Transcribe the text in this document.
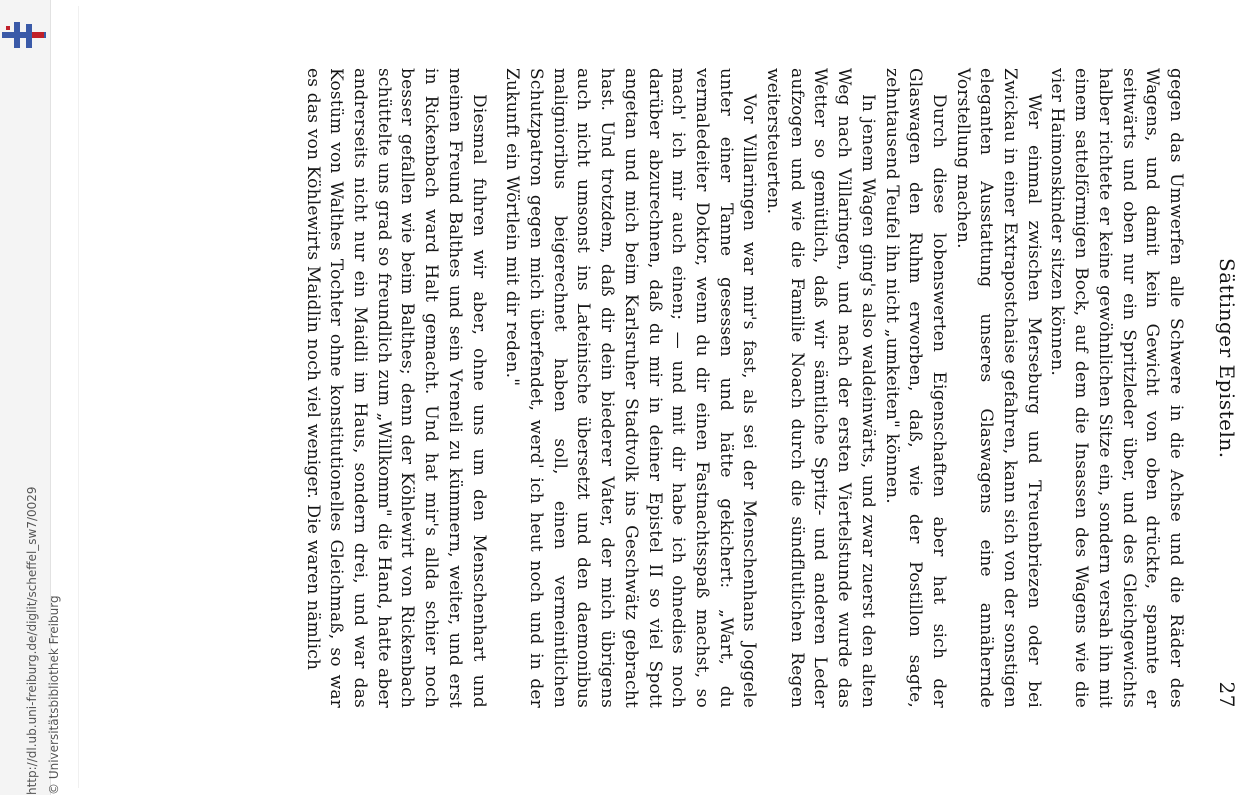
http://dl.ub.uni-freiburg.de/diglit/scheffel_sw7/0029 © Universitätsbibliothek Freiburg
Sättinger Episteln.
27

gegen das Umwerfen alle Schwere in die Achse und die Räder des Wagens, und damit kein Gewicht von oben drückte, spannte er seitwärts und oben nur ein Spritzleder über, und des Gleichgewichts halber richtete er keine gewöhnlichen Sitze ein, sondern versah ihn mit einem sattelförmigen Bock, auf dem die Insassen des Wagens wie die vier Haimonskinder sitzen können.

Wer einmal zwischen Merseburg und Treuenbriezen oder bei Zwickau in einer Extrapostchaise gefahren, kann sich von der sonstigen eleganten Ausstattung unseres Glaswagens eine annähernde Vorstellung machen.

Durch diese lobenswerten Eigenschaften aber hat sich der Glaswagen den Ruhm erworben, daß, wie der Postillon sagte, zehntausend Teufel ihn nicht „umkeiten" können.

In jenem Wagen ging's also waldeinwärts, und zwar zuerst den alten Weg nach Villaringen, und nach der ersten Viertelstunde wurde das Wetter so gemütlich, daß wir sämtliche Spritz- und anderen Leder aufzogen und wie die Familie Noach durch die sündflutlichen Regen weitersteuerten.

Vor Villaringen war mir's fast, als sei der Menschenhans Joggele unter einer Tanne gesessen und hätte gekichert: „Wart, du vermaledeiter Doktor, wenn du dir einen Fastnachtsspaß machst, so mach' ich mir auch einen; — und mit dir habe ich ohnedies noch darüber abzurechnen, daß du mir in deiner Epistel II so viel Spott angetan und mich beim Karlsruher Stadtvolk ins Geschwätz gebracht hast. Und trotzdem, daß dir dein biederer Vater, der mich übrigens auch nicht umsonst ins Lateinische übersetzt und den daemonibus malignioribus beigerechnet haben soll, einen vermeintlichen Schutzpatron gegen mich überfendet, werd' ich heut noch und in der Zukunft ein Wörtlein mit dir reden."

Diesmal fuhren wir aber, ohne uns um den Menschenhart und meinen Freund Balthes und sein Vreneli zu kümmern, weiter, und erst in Rickenbach ward Halt gemacht. Und hat mir's allda schier noch besser gefallen wie beim Balthes; denn der Köhlewirt von Rickenbach schüttelte uns grad so freundlich zum „Willkomm" die Hand, hatte aber andrerseits nicht nur ein Maidli im Haus, sondern drei, und war das Kostüm von Walthes Tochter ohne konstitutionelles Gleichmaß, so war es das von Köhlewirts Maidlin noch viel weniger. Die waren nämlich
